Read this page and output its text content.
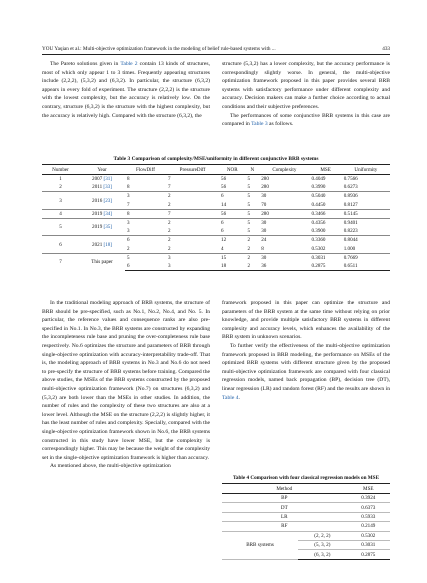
YOU Yaqian et al.: Multi-objective optimization framework in the modeling of belief rule-based systems with ...	433

The Pareto solutions given in Table 2 contain 13 kinds of structures, most of which only appear 1 to 3 times. Frequently appearing structures include (2,2,2), (5,3,2) and (6,3,2). In particular, the structure (6,3,2) appears in every fold of experiment. The structure (2,2,2) is the structure with the lowest complexity, but the accuracy is relatively low. On the contrary, structure (6,3,2) is the structure with the highest complexity, but the accuracy is relatively high. Compared with the structure (6,3,2), the

structure (5,3,2) has a lower complexity, but the accuracy performance is correspondingly slightly worse. In general, the multi-objective optimization framework proposed in this paper provides several BRB systems with satisfactory performance under different complexity and accuracy. Decision makers can make a further choice according to actual conditions and their subjective preferences.

The performances of some conjunctive BRB systems in this case are compared in Table 3 as follows.

Table 3 Comparison of complexity/MSE/uniformity in different conjunctive BRB systems
Number	Year	FlowDiff	PressureDiff	NOR	N	Complexity	MSE	Uniformity
1	2007 [31]	8	7	56	5	280	0.4049	0.7566
2	2011 [33]	8	7	56	5	280	0.3990	0.6273
3	2016 [23]	3	2	6	5	30	0.5040	0.8936
		7	2	14	5	70	0.4450	0.8127
4	2019 [34]	8	7	56	5	280	0.3466	0.5145
5	2019 [35]	3	2	6	5	30	0.4356	0.9401
		3	2	6	5	30	0.3900	0.8223
6	2021 [18]	6	2	12	2	24	0.3360	0.8044
		2	2	4	2	8	0.5302	1.000
7	This paper	5	3	15	2	30	0.3031	0.7669
		6	3	18	2	36	0.2875	0.6511

In the traditional modeling approach of BRB systems, the structure of BRB should be pre-specified, such as No.1, No.2, No.4, and No. 5. In particular, the reference values and consequence ranks are also pre-specified in No.1. In No.3, the BRB systems are constructed by expanding the incompleteness rule base and pruning the over-completeness rule base respectively. No.6 optimizes the structure and parameters of BRB through single-objective optimization with accuracy-interpretability trade-off. That is, the modeling approach of BRB systems in No.3 and No.6 do not need to pre-specify the structure of BRB systems before training. Compared the above studies, the MSEs of the BRB systems constructed by the proposed multi-objective optimization framework (No.7) on structures (6,3,2) and (5,3,2) are both lower than the MSEs in other studies. In addition, the number of rules and the complexity of these two structures are also at a lower level. Although the MSE on the structure (2,2,2) is slightly higher, it has the least number of rules and complexity. Specially, compared with the single-objective optimization framework shown in No.6, the BRB systems constructed in this study have lower MSE, but the complexity is correspondingly higher. This may be because the weight of the complexity set in the single-objective optimization framework is higher than accuracy.

As mentioned above, the multi-objective optimization

framework proposed in this paper can optimize the structure and parameters of the BRB system at the same time without relying on prior knowledge, and provide multiple satisfactory BRB systems in different complexity and accuracy levels, which enhances the availability of the BRB system in unknown scenarios.

To further verify the effectiveness of the multi-objective optimization framework proposed in BRB modeling, the performance on MSEs of the optimized BRB systems with different structure given by the proposed multi-objective optimization framework are compared with four classical regression models, named back propagation (BP), decision tree (DT), linear regression (LR) and random forest (RF) and the results are shown in Table 4.

Table 4 Comparison with four classical regression models on MSE
Method		MSE
BP		0.3924
DT		0.6373
LR		0.5933
RF		0.2149
BRB systems	(2, 2, 2)	0.5302
	(5, 3, 2)	0.3031
	(6, 3, 2)	0.2875
